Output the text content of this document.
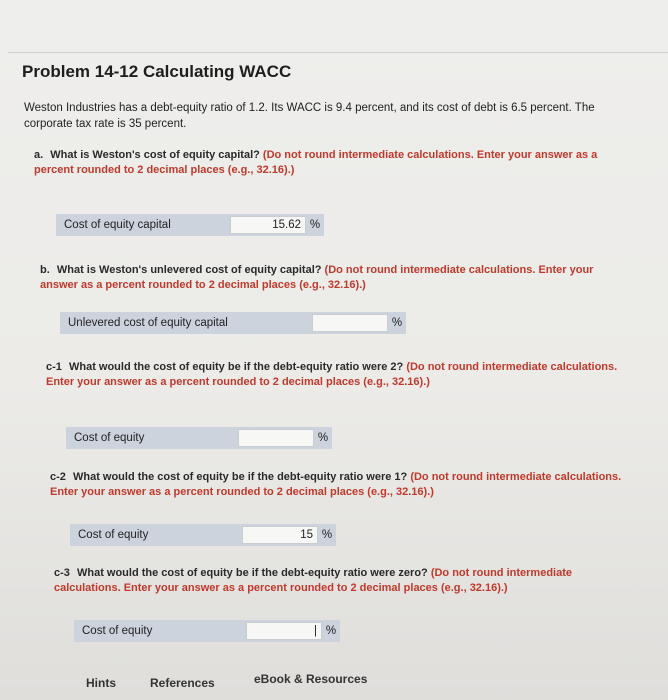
Problem 14-12 Calculating WACC
Weston Industries has a debt-equity ratio of 1.2. Its WACC is 9.4 percent, and its cost of debt is 6.5 percent. The corporate tax rate is 35 percent.
a. What is Weston's cost of equity capital? (Do not round intermediate calculations. Enter your answer as a percent rounded to 2 decimal places (e.g., 32.16).)
Cost of equity capital	15.62 %
b. What is Weston's unlevered cost of equity capital? (Do not round intermediate calculations. Enter your answer as a percent rounded to 2 decimal places (e.g., 32.16).)
Unlevered cost of equity capital	%
c-1 What would the cost of equity be if the debt-equity ratio were 2? (Do not round intermediate calculations. Enter your answer as a percent rounded to 2 decimal places (e.g., 32.16).)
Cost of equity	%
c-2 What would the cost of equity be if the debt-equity ratio were 1? (Do not round intermediate calculations. Enter your answer as a percent rounded to 2 decimal places (e.g., 32.16).)
Cost of equity	15 %
c-3 What would the cost of equity be if the debt-equity ratio were zero? (Do not round intermediate calculations. Enter your answer as a percent rounded to 2 decimal places (e.g., 32.16).)
Cost of equity	| %
Hints	References	eBook & Resources
